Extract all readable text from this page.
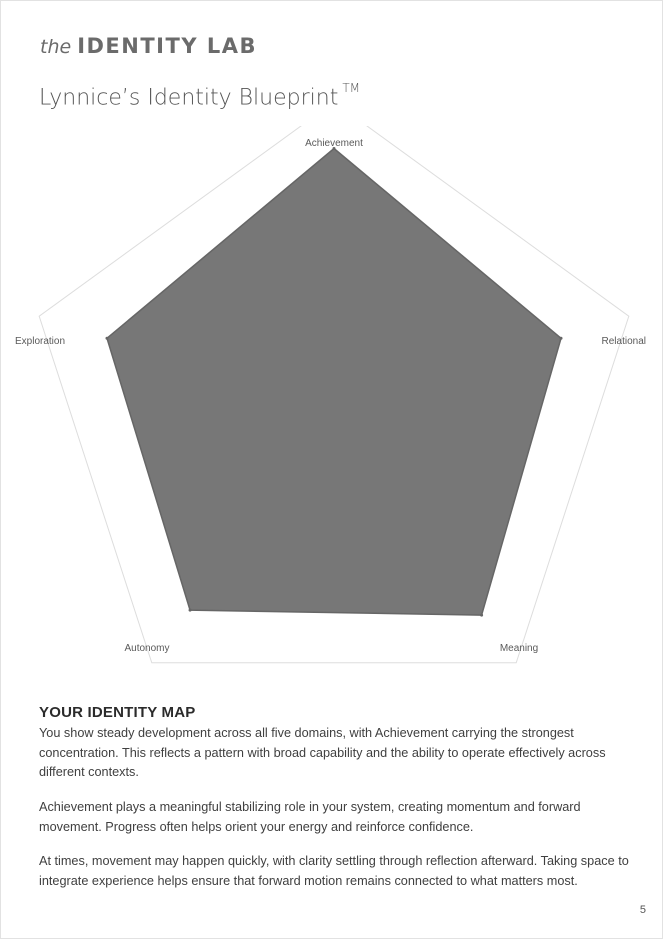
the IDENTITY LAB
Lynnice’s Identity Blueprint ™
Achievement
Relational
Meaning
Autonomy
Exploration
YOUR IDENTITY MAP

You show steady development across all five domains, with Achievement carrying the strongest concentration. This reflects a pattern with broad capability and the ability to operate effectively across different contexts.

Achievement plays a meaningful stabilizing role in your system, creating momentum and forward movement. Progress often helps orient your energy and reinforce confidence.

At times, movement may happen quickly, with clarity settling through reflection afterward. Taking space to integrate experience helps ensure that forward motion remains connected to what matters most.

5
